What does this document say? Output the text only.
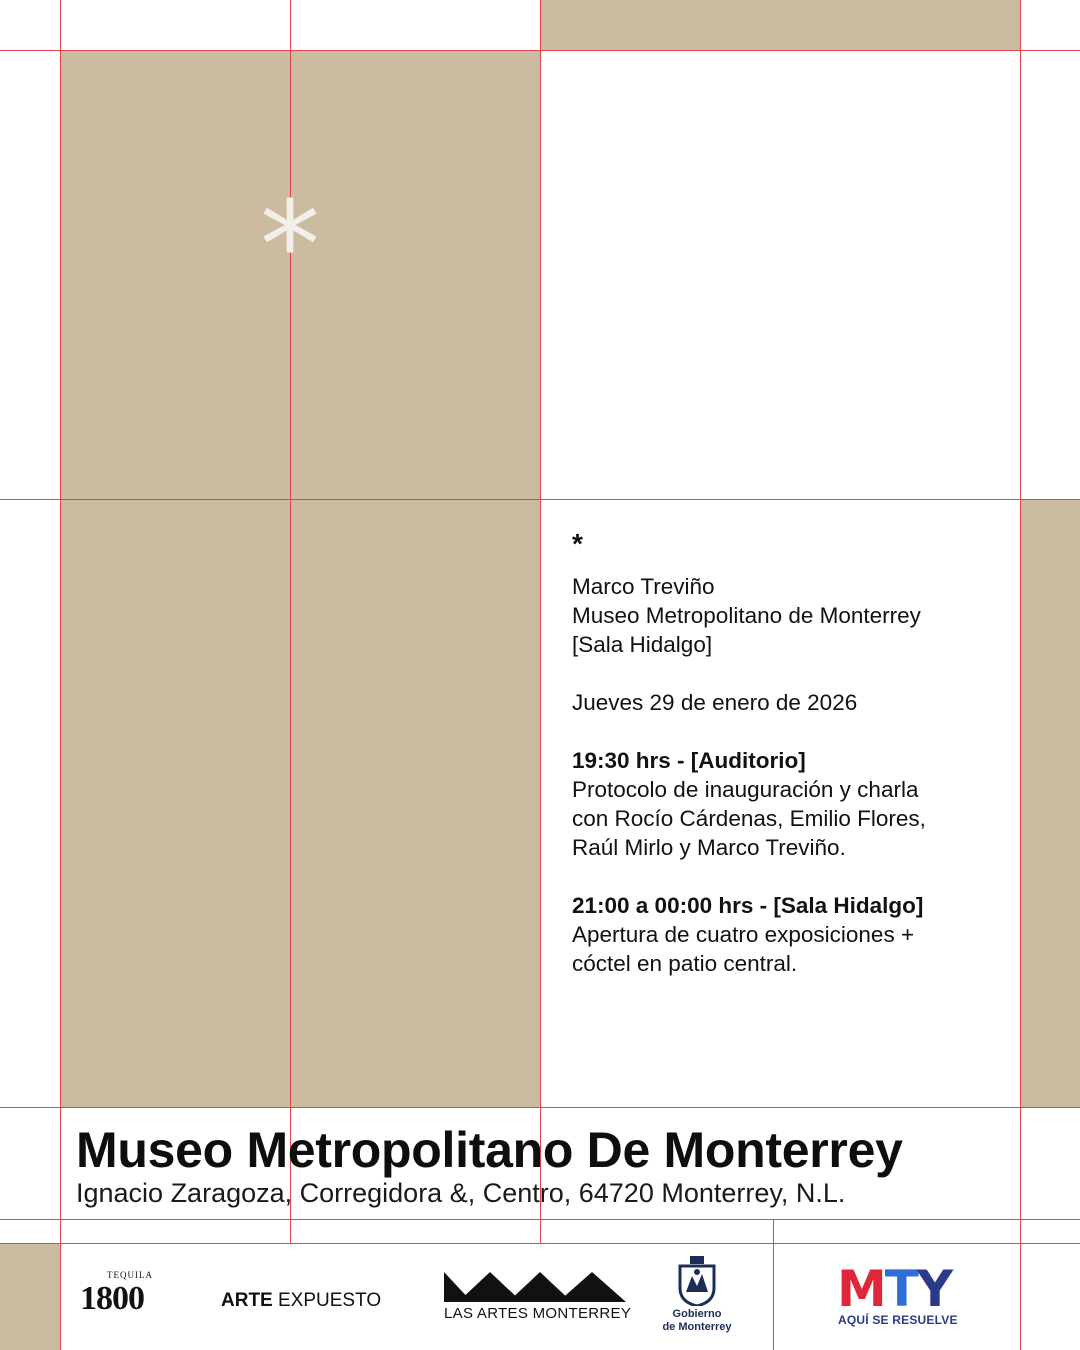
*
*

Marco Treviño

Museo Metropolitano de Monterrey

[Sala Hidalgo]

Jueves 29 de enero de 2026

19:30 hrs - [Auditorio]

Protocolo de inauguración y charla

con Rocío Cárdenas, Emilio Flores,

Raúl Mirlo y Marco Treviño.

21:00 a 00:00 hrs - [Sala Hidalgo]

Apertura de cuatro exposiciones +

cóctel en patio central.

Museo Metropolitano De Monterrey
Ignacio Zaragoza, Corregidora &, Centro, 64720 Monterrey, N.L.
TEQUILA
1800	ARTE EXPUESTO
LAS ARTES MONTERREY	Gobierno
de Monterrey
MTY
AQUÍ SE RESUELVE
